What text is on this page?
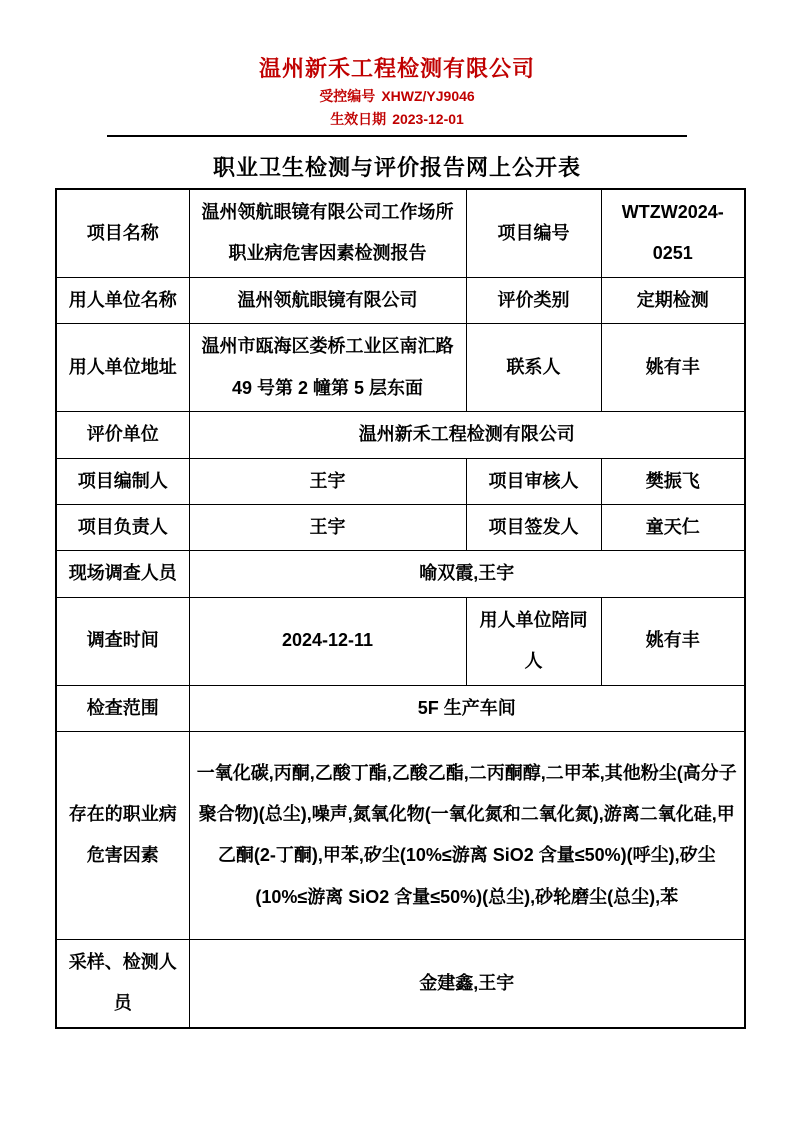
温州新禾工程检测有限公司
受控编号 XHWZ/YJ9046
生效日期 2023-12-01
职业卫生检测与评价报告网上公开表
项目名称	温州领航眼镜有限公司工作场所职业病危害因素检测报告	项目编号	WTZW2024-0251
用人单位名称	温州领航眼镜有限公司	评价类别	定期检测
用人单位地址	温州市瓯海区娄桥工业区南汇路 49 号第 2 幢第 5 层东面	联系人	姚有丰
评价单位	温州新禾工程检测有限公司		
项目编制人	王宇	项目审核人	樊振飞
项目负责人	王宇	项目签发人	童天仁
现场调查人员	喻双霞,王宇		
调查时间	2024-12-11	用人单位陪同人	姚有丰
检查范围	5F 生产车间		
存在的职业病危害因素	一氧化碳,丙酮,乙酸丁酯,乙酸乙酯,二丙酮醇,二甲苯,其他粉尘(高分子聚合物)(总尘),噪声,氮氧化物(一氧化氮和二氧化氮),游离二氧化硅,甲乙酮(2-丁酮),甲苯,矽尘(10%≤游离 SiO2 含量≤50%)(呼尘),矽尘(10%≤游离 SiO2 含量≤50%)(总尘),砂轮磨尘(总尘),苯		
采样、检测人员	金建鑫,王宇		
